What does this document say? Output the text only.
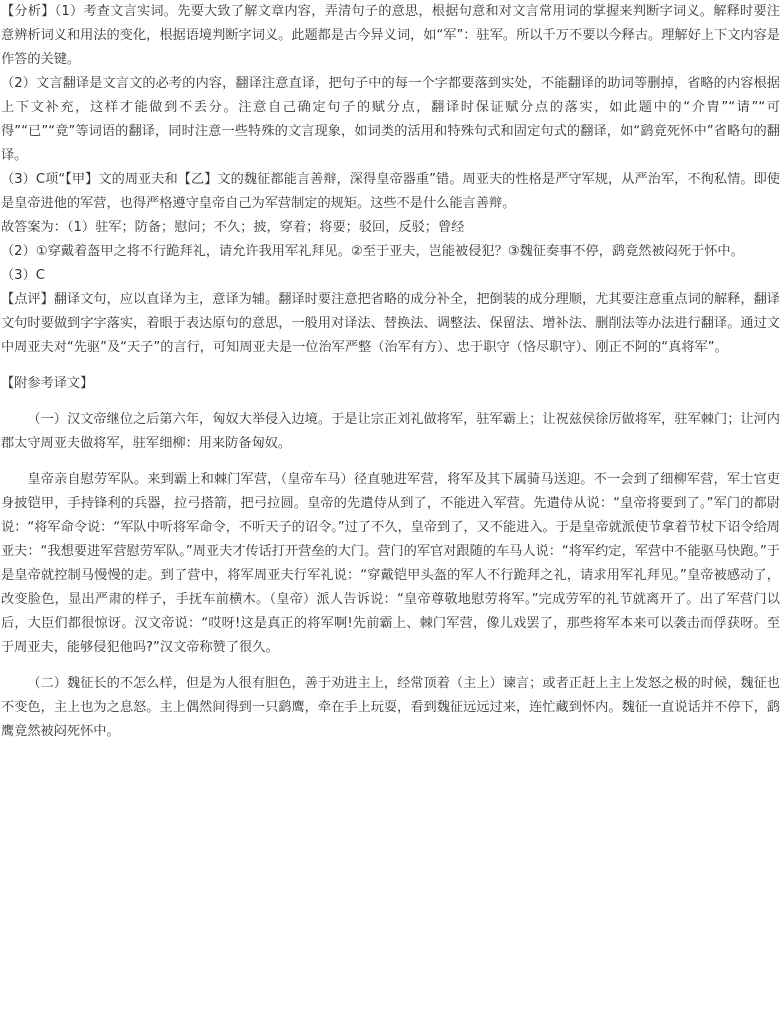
【分析】（1）考查文言实词。先要大致了解文章内容，弄清句子的意思，根据句意和对文言常用词的掌握来判断字词义。解释时要注意辨析词义和用法的变化，根据语境判断字词义。此题都是古今异义词，如“军”：驻军。所以千万不要以今释古。理解好上下文内容是作答的关键。

（2）文言翻译是文言文的必考的内容，翻译注意直译，把句子中的每一个字都要落到实处，不能翻译的助词等删掉，省略的内容根据上下文补充，这样才能做到不丢分。注意自己确定句子的赋分点，翻译时保证赋分点的落实，如此题中的“介胄”“请”“可得”“已”“竟”等词语的翻译，同时注意一些特殊的文言现象，如词类的活用和特殊句式和固定句式的翻译，如“鹞竟死怀中”省略句的翻译。

（3）C项“【甲】文的周亚夫和【乙】文的魏征都能言善辩，深得皇帝器重”错。周亚夫的性格是严守军规，从严治军，不徇私情。即使是皇帝进他的军营，也得严格遵守皇帝自己为军营制定的规矩。这些不是什么能言善辩。

故答案为：（1）驻军；防备；慰问；不久；披，穿着；将要；驳回，反驳；曾经

（2）①穿戴着盔甲之将不行跪拜礼，请允许我用军礼拜见。②至于亚夫，岂能被侵犯？③魏征奏事不停，鹞竟然被闷死于怀中。

（3）C

【点评】翻译文句，应以直译为主，意译为辅。翻译时要注意把省略的成分补全，把倒装的成分理顺，尤其要注意重点词的解释，翻译文句时要做到字字落实，着眼于表达原句的意思，一般用对译法、替换法、调整法、保留法、增补法、删削法等办法进行翻译。通过文中周亚夫对“先驱”及“天子”的言行，可知周亚夫是一位治军严整（治军有方）、忠于职守（恪尽职守）、刚正不阿的“真将军”。

【附参考译文】

（一）汉文帝继位之后第六年，匈奴大举侵入边境。于是让宗正刘礼做将军，驻军霸上；让祝兹侯徐厉做将军，驻军棘门；让河内郡太守周亚夫做将军，驻军细柳：用来防备匈奴。

皇帝亲自慰劳军队。来到霸上和棘门军营，（皇帝车马）径直驰进军营，将军及其下属骑马送迎。不一会到了细柳军营，军士官吏身披铠甲，手持锋利的兵器，拉弓搭箭，把弓拉圆。皇帝的先遣侍从到了，不能进入军营。先遣侍从说：“皇帝将要到了。”军门的都尉说：“将军命令说：“军队中听将军命令，不听天子的诏令。”过了不久，皇帝到了，又不能进入。于是皇帝就派使节拿着节杖下诏令给周亚夫：“我想要进军营慰劳军队。”周亚夫才传话打开营垒的大门。营门的军官对跟随的车马人说：“将军约定，军营中不能驱马快跑。”于是皇帝就控制马慢慢的走。到了营中，将军周亚夫行军礼说：“穿戴铠甲头盔的军人不行跪拜之礼，请求用军礼拜见。”皇帝被感动了，改变脸色，显出严肃的样子，手抚车前横木。（皇帝）派人告诉说：“皇帝尊敬地慰劳将军。”完成劳军的礼节就离开了。出了军营门以后，大臣们都很惊讶。汉文帝说：“哎呀!这是真正的将军啊!先前霸上、棘门军营，像儿戏罢了，那些将军本来可以袭击而俘获呀。至于周亚夫，能够侵犯他吗?”汉文帝称赞了很久。

（二）魏征长的不怎么样，但是为人很有胆色，善于劝进主上，经常顶着（主上）谏言；或者正赶上主上发怒之极的时候，魏征也不变色，主上也为之息怒。主上偶然间得到一只鹞鹰，牵在手上玩耍，看到魏征远远过来，连忙藏到怀内。魏征一直说话并不停下，鹞鹰竟然被闷死怀中。
